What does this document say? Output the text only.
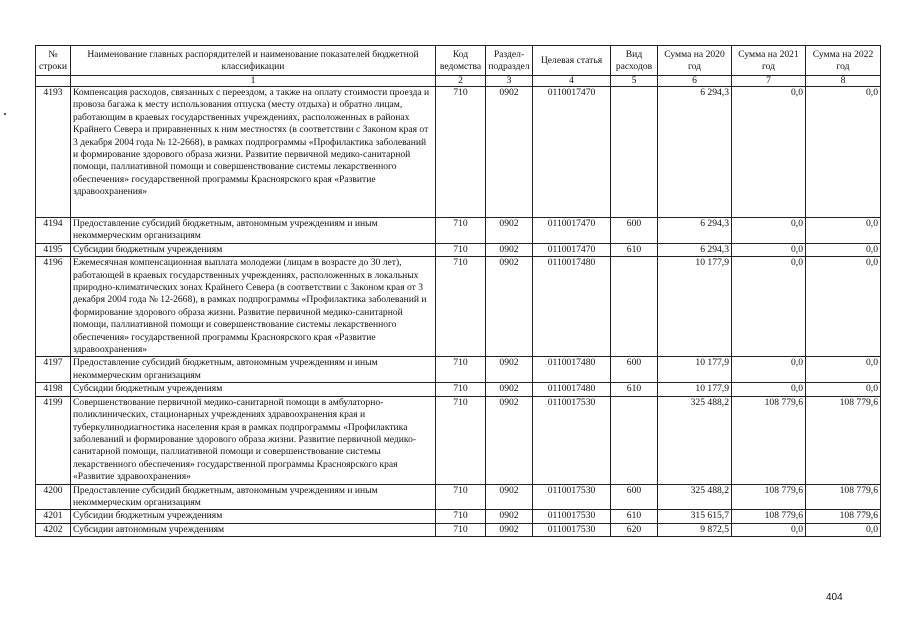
№ строки	Наименование главных распорядителей и наименование показателей бюджетной классификации	Код ведомства	Раздел-подраздел	Целевая статья	Вид расходов	Сумма на 2020 год	Сумма на 2021 год	Сумма на 2022 год
	1	2	3	4	5	6	7	8
4193	Компенсация расходов, связанных с переездом, а также на оплату стоимости проезда и провоза багажа к месту использования отпуска (месту отдыха) и обратно лицам, работающим в краевых государственных учреждениях, расположенных в районах Крайнего Севера и приравненных к ним местностях (в соответствии с Законом края от 3 декабря 2004 года № 12-2668), в рамках подпрограммы «Профилактика заболеваний и формирование здорового образа жизни. Развитие первичной медико-санитарной помощи, паллиативной помощи и совершенствование системы лекарственного обеспечения» государственной программы Красноярского края «Развитие здравоохранения»	710	0902	0110017470		6 294,3	0,0	0,0
4194	Предоставление субсидий бюджетным, автономным учреждениям и иным некоммерческим организациям	710	0902	0110017470	600	6 294,3	0,0	0,0
4195	Субсидии бюджетным учреждениям	710	0902	0110017470	610	6 294,3	0,0	0,0
4196	Ежемесячная компенсационная выплата молодежи (лицам в возрасте до 30 лет), работающей в краевых государственных учреждениях, расположенных в локальных природно-климатических зонах Крайнего Севера (в соответствии с Законом края от 3 декабря 2004 года № 12-2668), в рамках подпрограммы «Профилактика заболеваний и формирование здорового образа жизни. Развитие первичной медико-санитарной помощи, паллиативной помощи и совершенствование системы лекарственного обеспечения» государственной программы Красноярского края «Развитие здравоохранения»	710	0902	0110017480		10 177,9	0,0	0,0
4197	Предоставление субсидий бюджетным, автономным учреждениям и иным некоммерческим организациям	710	0902	0110017480	600	10 177,9	0,0	0,0
4198	Субсидии бюджетным учреждениям	710	0902	0110017480	610	10 177,9	0,0	0,0
4199	Совершенствование первичной медико-санитарной помощи в амбулаторно-поликлинических, стационарных учреждениях здравоохранения края и туберкулинодиагностика населения края в рамках подпрограммы «Профилактика заболеваний и формирование здорового образа жизни. Развитие первичной медико-санитарной помощи, паллиативной помощи и совершенствование системы лекарственного обеспечения» государственной программы Красноярского края «Развитие здравоохранения»	710	0902	0110017530		325 488,2	108 779,6	108 779,6
4200	Предоставление субсидий бюджетным, автономным учреждениям и иным некоммерческим организациям	710	0902	0110017530	600	325 488,2	108 779,6	108 779,6
4201	Субсидии бюджетным учреждениям	710	0902	0110017530	610	315 615,7	108 779,6	108 779,6
4202	Субсидии автономным учреждениям	710	0902	0110017530	620	9 872,5	0,0	0,0
404
